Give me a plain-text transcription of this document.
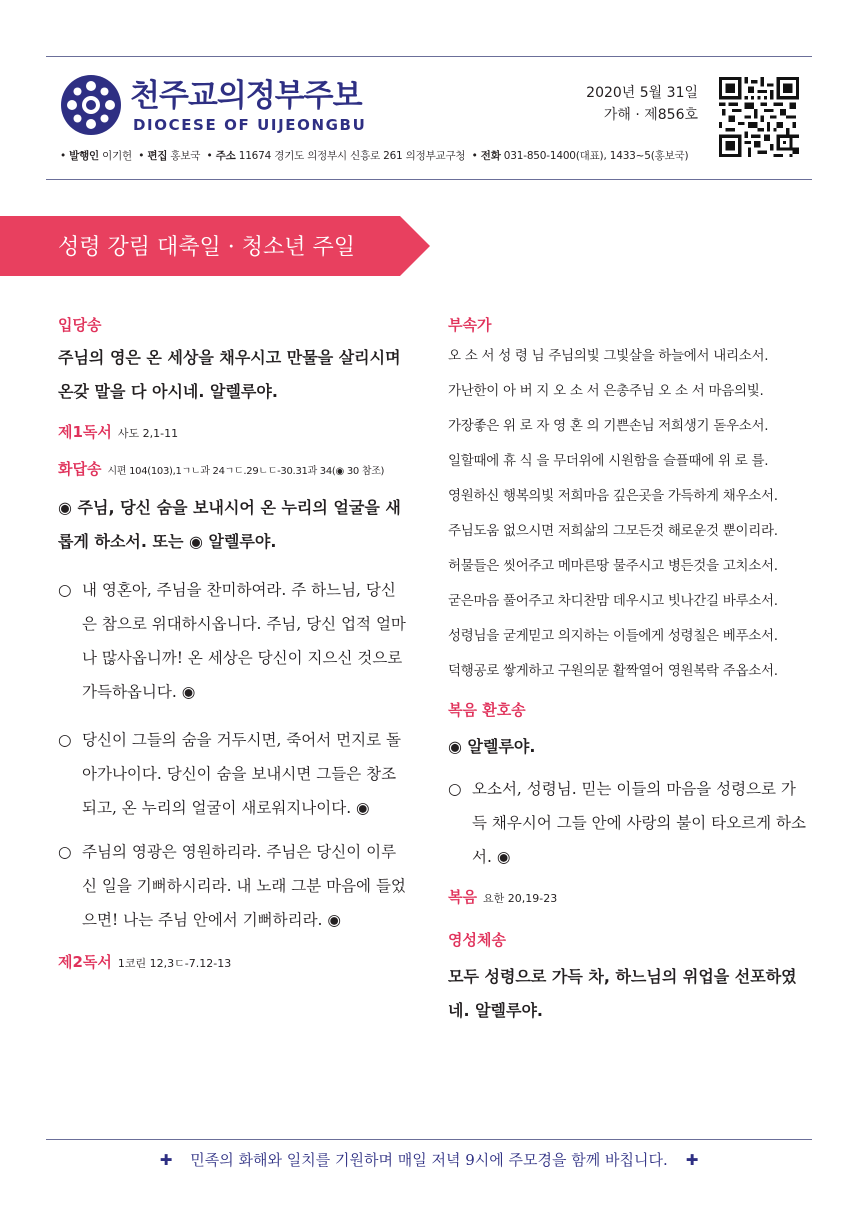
천주교의정부주보
DIOCESE OF UIJEONGBU
2020년 5월 31일
가해 · 제856호
• 발행인 이기헌  • 편집 홍보국  • 주소 11674 경기도 의정부시 신흥로 261 의정부교구청  • 전화 031-850-1400(대표), 1433~5(홍보국)
성령 강림 대축일 · 청소년 주일
입당송
주님의 영은 온 세상을 채우시고 만물을 살리시며 온갖 말을 다 아시네. 알렐루야.
제1독서 사도 2,1-11
화답송 시편 104(103),1ㄱㄴ과 24ㄱㄷ.29ㄴㄷ-30.31과 34(◉ 30 참조)
◉ 주님, 당신 숨을 보내시어 온 누리의 얼굴을 새롭게 하소서. 또는 ◉ 알렐루야.
○ 내 영혼아, 주님을 찬미하여라. 주 하느님, 당신은 참으로 위대하시옵니다. 주님, 당신 업적 얼마나 많사옵니까! 온 세상은 당신이 지으신 것으로 가득하옵니다. ◉
○ 당신이 그들의 숨을 거두시면, 죽어서 먼지로 돌아가나이다. 당신이 숨을 보내시면 그들은 창조되고, 온 누리의 얼굴이 새로워지나이다. ◉
○ 주님의 영광은 영원하리라. 주님은 당신이 이루신 일을 기뻐하시리라. 내 노래 그분 마음에 들었으면! 나는 주님 안에서 기뻐하리라. ◉
제2독서 1코린 12,3ㄷ-7.12-13
부속가
오 소 서 성 령 님 주님의빛 그빛살을 하늘에서 내리소서.
가난한이 아 버 지 오 소 서 은총주님 오 소 서 마음의빛.
가장좋은 위 로 자 영 혼 의 기쁜손님 저희생기 돋우소서.
일할때에 휴 식 을 무더위에 시원함을 슬플때에 위 로 를.
영원하신 행복의빛 저희마음 깊은곳을 가득하게 채우소서.
주님도움 없으시면 저희삶의 그모든것 해로운것 뿐이리라.
허물들은 씻어주고 메마른땅 물주시고 병든것을 고치소서.
굳은마음 풀어주고 차디찬맘 데우시고 빗나간길 바루소서.
성령님을 굳게믿고 의지하는 이들에게 성령칠은 베푸소서.
덕행공로 쌓게하고 구원의문 활짝열어 영원복락 주옵소서.
복음 환호송
◉ 알렐루야.
○ 오소서, 성령님. 믿는 이들의 마음을 성령으로 가득 채우시어 그들 안에 사랑의 불이 타오르게 하소서. ◉
복음 요한 20,19-23
영성체송
모두 성령으로 가득 차, 하느님의 위업을 선포하였네. 알렐루야.
✚ 민족의 화해와 일치를 기원하며 매일 저녁 9시에 주모경을 함께 바칩니다. ✚
